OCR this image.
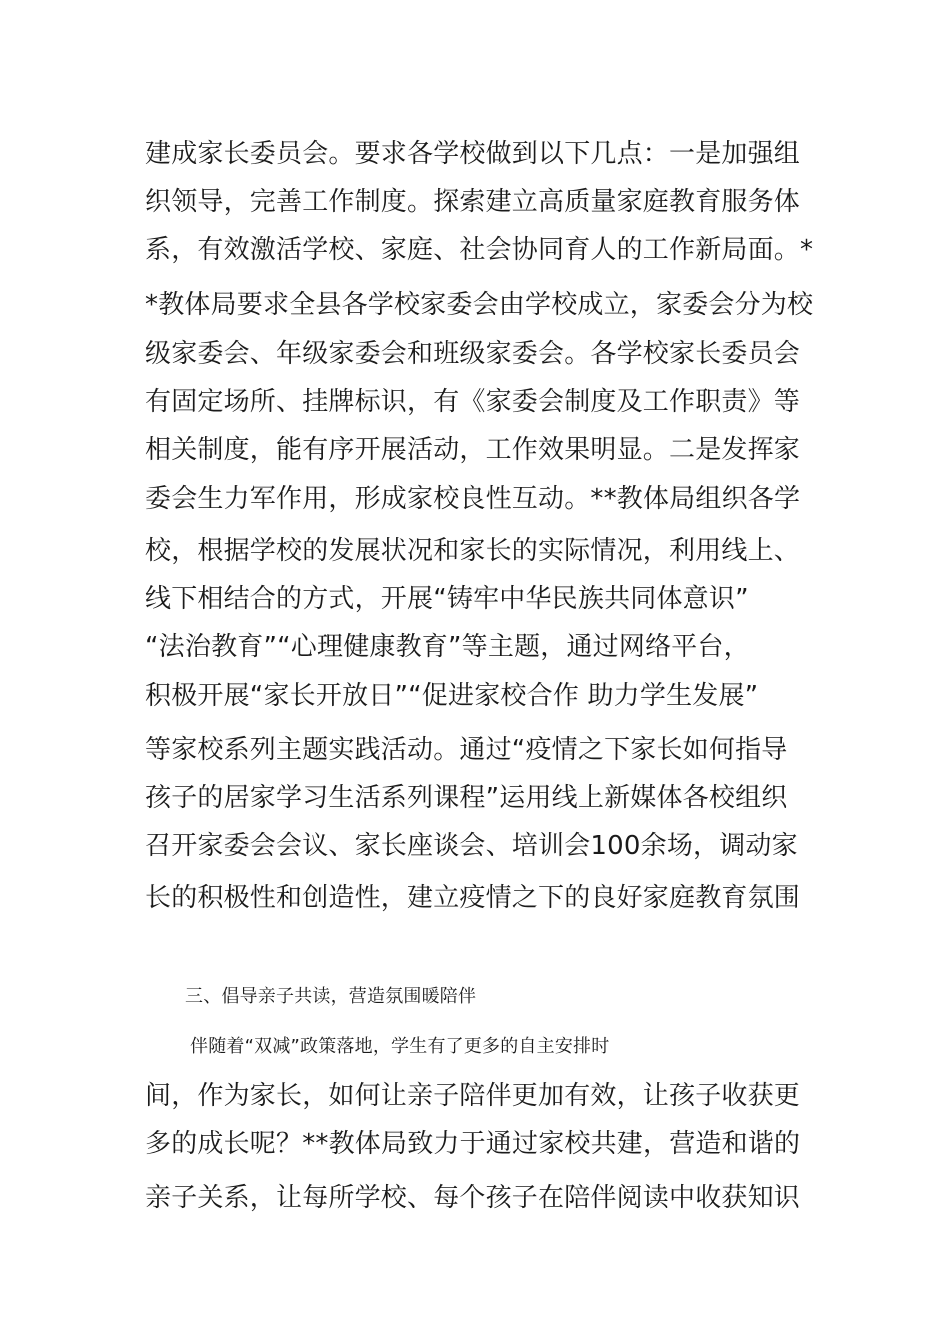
建成家长委员会。要求各学校做到以下几点：一是加强组
织领导，完善工作制度。探索建立高质量家庭教育服务体
系，有效激活学校、家庭、社会协同育人的工作新局面。*
*教体局要求全县各学校家委会由学校成立，家委会分为校
级家委会、年级家委会和班级家委会。各学校家长委员会
有固定场所、挂牌标识，有《家委会制度及工作职责》等
相关制度，能有序开展活动，工作效果明显。二是发挥家
委会生力军作用，形成家校良性互动。**教体局组织各学
校，根据学校的发展状况和家长的实际情况，利用线上、
线下相结合的方式，开展“铸牢中华民族共同体意识”
“法治教育”“心理健康教育”等主题，通过网络平台，
积极开展“家长开放日”“促进家校合作 助力学生发展”
等家校系列主题实践活动。通过“疫情之下家长如何指导
孩子的居家学习生活系列课程”运用线上新媒体各校组织
召开家委会会议、家长座谈会、培训会100余场，调动家
长的积极性和创造性，建立疫情之下的良好家庭教育氛围
三、倡导亲子共读，营造氛围暖陪伴
伴随着“双减”政策落地，学生有了更多的自主安排时
间，作为家长，如何让亲子陪伴更加有效，让孩子收获更
多的成长呢？**教体局致力于通过家校共建，营造和谐的
亲子关系，让每所学校、每个孩子在陪伴阅读中收获知识
